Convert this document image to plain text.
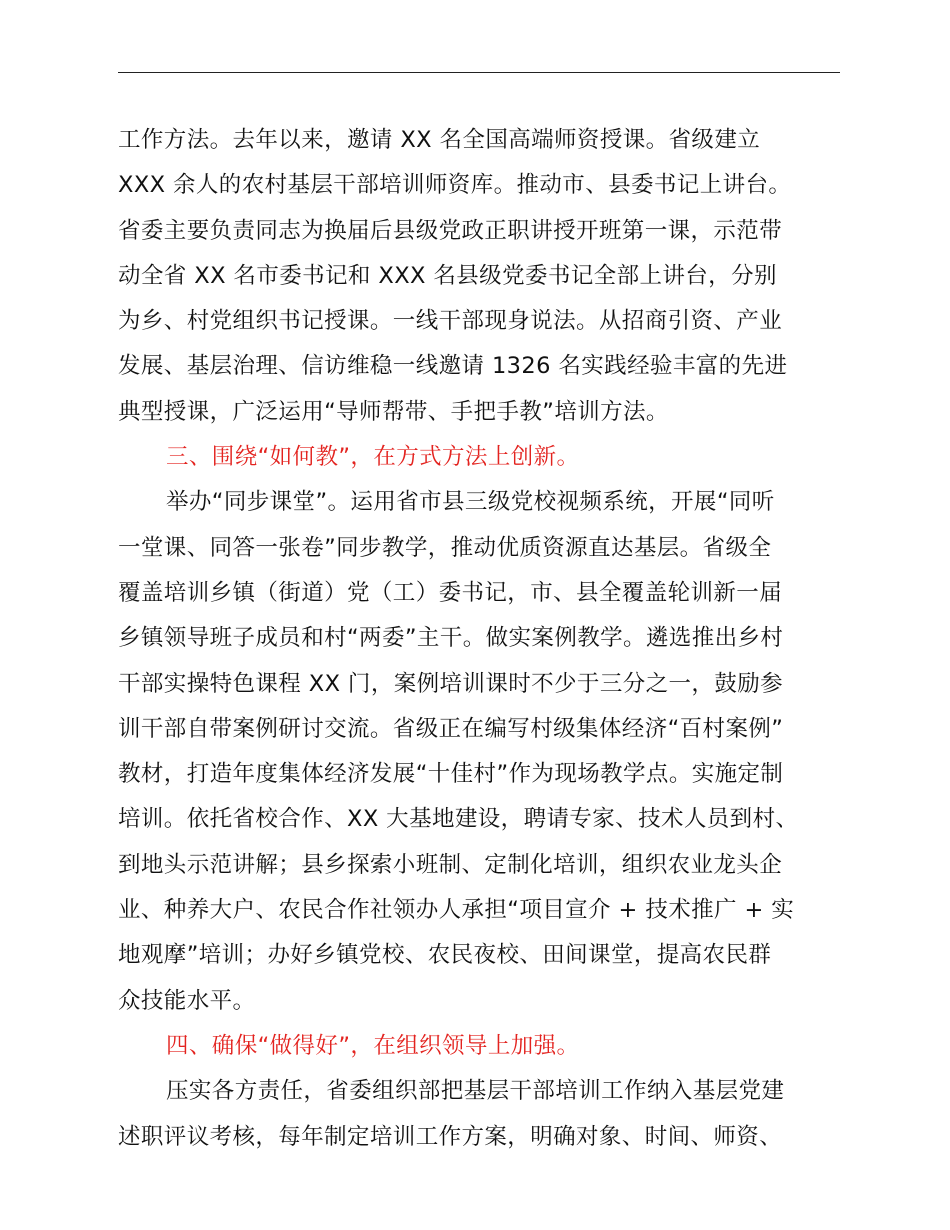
工作方法。去年以来，邀请 XX 名全国高端师资授课。省级建立
XXX 余人的农村基层干部培训师资库。推动市、县委书记上讲台。
省委主要负责同志为换届后县级党政正职讲授开班第一课，示范带
动全省 XX 名市委书记和 XXX 名县级党委书记全部上讲台，分别
为乡、村党组织书记授课。一线干部现身说法。从招商引资、产业
发展、基层治理、信访维稳一线邀请 1326 名实践经验丰富的先进
典型授课，广泛运用“导师帮带、手把手教”培训方法。
三、围绕“如何教”，在方式方法上创新。
举办“同步课堂”。运用省市县三级党校视频系统，开展“同听
一堂课、同答一张卷”同步教学，推动优质资源直达基层。省级全
覆盖培训乡镇（街道）党（工）委书记，市、县全覆盖轮训新一届
乡镇领导班子成员和村“两委”主干。做实案例教学。遴选推出乡村
干部实操特色课程 XX 门，案例培训课时不少于三分之一，鼓励参
训干部自带案例研讨交流。省级正在编写村级集体经济“百村案例”
教材，打造年度集体经济发展“十佳村”作为现场教学点。实施定制
培训。依托省校合作、XX 大基地建设，聘请专家、技术人员到村、
到地头示范讲解；县乡探索小班制、定制化培训，组织农业龙头企
业、种养大户、农民合作社领办人承担“项目宣介 + 技术推广 + 实
地观摩”培训；办好乡镇党校、农民夜校、田间课堂，提高农民群
众技能水平。
四、确保“做得好”，在组织领导上加强。
压实各方责任，省委组织部把基层干部培训工作纳入基层党建
述职评议考核，每年制定培训工作方案，明确对象、时间、师资、
